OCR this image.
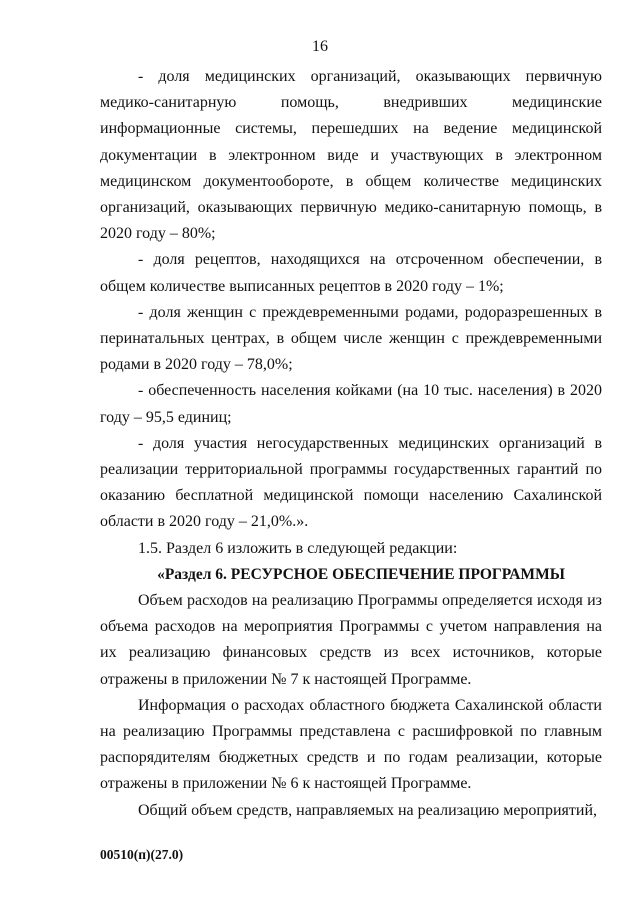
16

- доля медицинских организаций, оказывающих первичную медико-санитарную помощь, внедривших медицинские информационные системы, перешедших на ведение медицинской документации в электронном виде и участвующих в электронном медицинском документообороте, в общем количестве медицинских организаций, оказывающих первичную медико-санитарную помощь, в 2020 году – 80%;

- доля рецептов, находящихся на отсроченном обеспечении, в общем количестве выписанных рецептов в 2020 году – 1%;

- доля женщин с преждевременными родами, родоразрешенных в перинатальных центрах, в общем числе женщин с преждевременными родами в 2020 году – 78,0%;

- обеспеченность населения койками (на 10 тыс. населения) в 2020 году – 95,5 единиц;

- доля участия негосударственных медицинских организаций в реализации территориальной программы государственных гарантий по оказанию бесплатной медицинской помощи населению Сахалинской области в 2020 году – 21,0%.».

1.5. Раздел 6 изложить в следующей редакции:

«Раздел 6. РЕСУРСНОЕ ОБЕСПЕЧЕНИЕ ПРОГРАММЫ

Объем расходов на реализацию Программы определяется исходя из объема расходов на мероприятия Программы с учетом направления на их реализацию финансовых средств из всех источников, которые отражены в приложении № 7 к настоящей Программе.

Информация о расходах областного бюджета Сахалинской области на реализацию Программы представлена с расшифровкой по главным распорядителям бюджетных средств и по годам реализации, которые отражены в приложении № 6 к настоящей Программе.

Общий объем средств, направляемых на реализацию мероприятий,

00510(п)(27.0)
